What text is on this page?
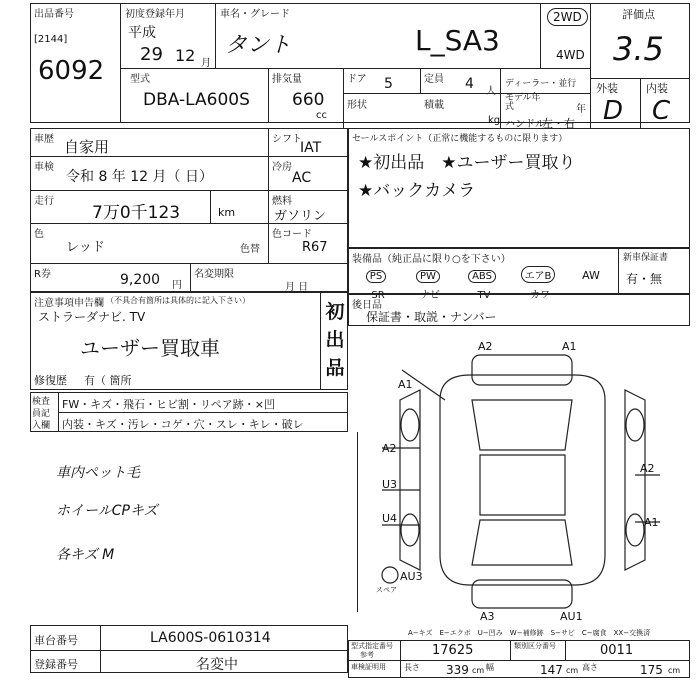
出品番号
[2144]
6092
初度登録年月
平成
29 12 月
車名・グレード
タント	L_SA3
2WD
4WD
評価点
3.5
外装	内装
D C
型式
DBA-LA600S
排気量
660
cc
ドア 5	定員 4 人
ディーラー・並行
形状	積載
kg
モデル年式	年
ハンドル
左・右
車歴 自家用
車検
令和 8 年 12 月（ 日）
走行
7万0千123	km
色
レッド	色替
R券	9,200 円
名変期限
月 日
シフト
IAT
冷房
AC
燃料
ガソリン
色コード
R67
セールスポイント（正常に機能するものに限ります）
★初出品　★ユーザー買取り
★バックカメラ
装備品（純正品に限り○を下さい）	新車保証書
有・無
PS
SR
PW
ナビ
ABS
TV
エアB
カワ
AW
後日品
保証書・取説・ナンバー
注意事項申告欄 （不具合有箇所は具体的に記入下さい）
ストラーダナビ. TV
ユーザー買取車
修復歴 有（ 箇所
初出品
検査員記入欄
FW・キズ・飛石・ヒビ割・リペア跡・×凹
内装・キズ・汚レ・コゲ・穴・スレ・キレ・破レ
車内ペット毛
ホイールCPキズ
各キズ M
A2	A1
A1
A2
U3
U4
A2
A1
AU3
A3	AU1
スペア
A−キズ　E−エクボ　U−凹み　W−補修跡　S−サビ　C−腐食　XX−交換済
車台番号	LA600S-0610314
登録番号	名変中
型式指定番号
参考	17625	類別区分番号	0011
車検証明用 長さ 339 cm 幅	147 cm 高さ	175 cm
